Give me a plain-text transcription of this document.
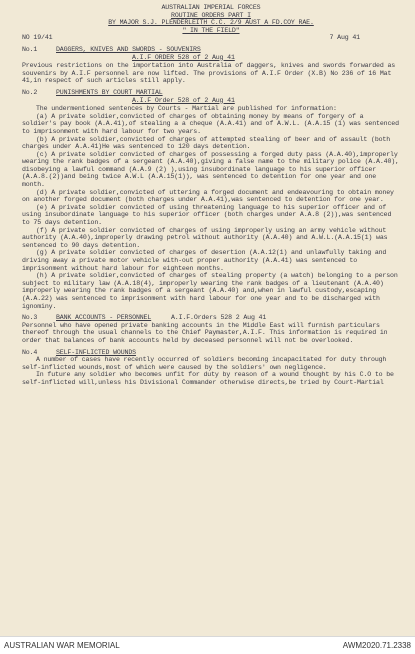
AUSTRALIAN IMPERIAL FORCES
ROUTINE ORDERS PART I
BY MAJOR S.J. PLENDERLEITH C.C. 2/9 AUST A FD.COY RAE.
" IN THE FIELD"
NO 19/41	7 Aug 41
No.1	DAGGERS, KNIVES AND SWORDS - SOUVENIRS
A.I.F ORDER 528 of 2 Aug 41

Previous restrictions on the importation into Australia of daggers, knives and swords forwarded as souvenirs by A.I.F personnel are now lifted. The provisions of A.I.F Order (X.B) No 236 of 16 Mat 41,in respect of such articles still apply.

No.2	PUNISHMENTS BY COURT MARTIAL
A.I.F Order 528 of 2 Aug 41

The undermentioned sentences by Courts - Martial are published for information:

(a) A private soldier,convicted of charges of obtaining money by means of forgery of a soldier's pay book (A.A.41),of stealing a a cheque (A.A.41) and of A.W.L. (A.A.15 (1) was sentenced to imprisonment with hard labour for two years.

(b) A private soldier,convicted of charges of attempted stealing of beer and of assault (both charges under A.A.41)He was sentenced to 120 days detention.

(c) A private soldier convicted of charges of possessing a forged duty pass (A.A.40),improperly wearing the rank badges of a sergeant (A.A.40),giving a false name to the military police (A.A.40), disobeying a lawful command (A.A.9 (2) ),using insubordinate language to his superior officer (A.A.8.(2))and being twice A.W.L (A.A.15(1)), was sentenced to detention for one year and one month.

(d) A private soldier,convicted of uttering a forged document and endeavouring to obtain money on another forged document (both charges under A.A.41),was sentenced to detention for one year.

(e) A private soldier convicted of using threatening language to his superior officer and of using insubordinate language to his superior officer (both charges under A.A.8 (2)),was sentenced to 75 days detention.

(f) A private soldier convicted of charges of using improperly using an army vehicle without authority (A.A.40),improperly drawing petrol without authority (A.A.40) and A.W.L.(A.A.15(1) was sentenced to 90 days detention.

(g) A private soldier convicted of charges of desertion (A.A.12(1) and unlawfully taking and driving away a private motor vehicle with-out proper authority (A.A.41) was sentenced to imprisonment without hard labour for eighteen months.

(h) A private soldier,convicted of charges of stealing property (a watch) belonging to a person subject to military law (A.A.18(4), improperly wearing the rank badges of a lieutenant (A.A.40) improperly wearing the rank badges of a sergeant (A.A.40) and,when in lawful custody,escaping (A.A.22) was sentenced to imprisonment with hard labour for one year and to be discharged with ignominy.

No.3	BANK ACCOUNTS - PERSONNEL	A.I.F.Orders 528 2 Aug 41

Personnel who have opened private banking accounts in the Middle East will furnish particulars thereof through the usual channels to the Chief Paymaster,A.I.F. This information is required in order that balances of bank accounts held by deceased personnel will not be overlooked.

No.4	SELF-INFLICTED WOUNDS

A number of cases have recently occurred of soldiers becoming incapacitated for duty through self-inflicted wounds,most of which were caused by the soldiers' own negligence.

In future any soldier who becomes unfit for duty by reason of a wound thought by his C.O to be self-inflicted will,unless his Divisional Commander otherwise directs,be tried by Court-Martial

AUSTRALIAN WAR MEMORIAL	AWM2020.71.2338
